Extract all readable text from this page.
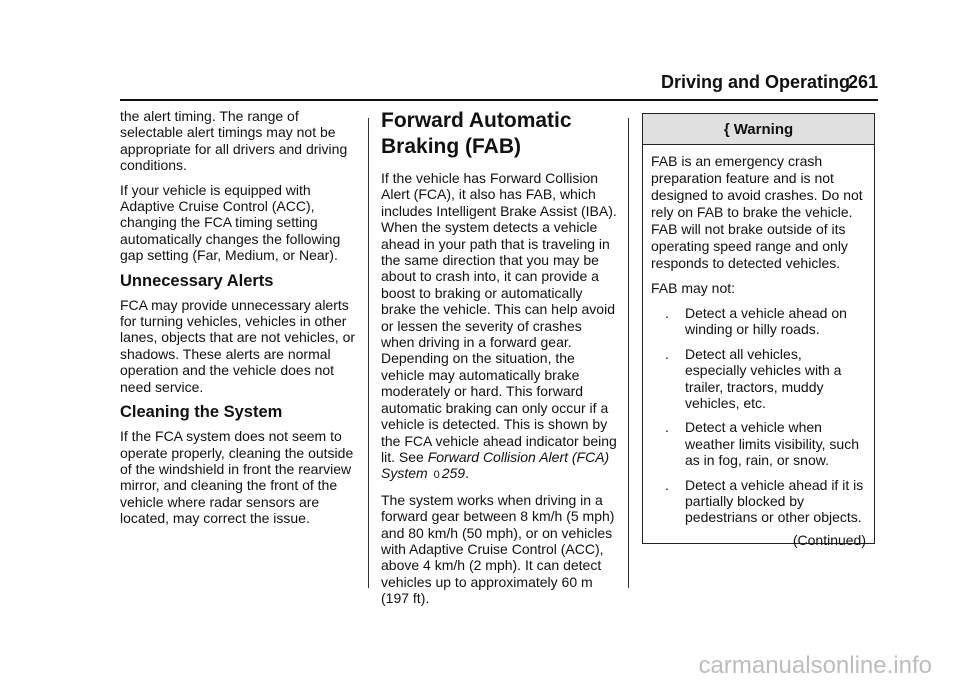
Driving and Operating
261

the alert timing. The range of selectable alert timings may not be appropriate for all drivers and driving conditions.

If your vehicle is equipped with Adaptive Cruise Control (ACC), changing the FCA timing setting automatically changes the following gap setting (Far, Medium, or Near).

Unnecessary Alerts

FCA may provide unnecessary alerts for turning vehicles, vehicles in other lanes, objects that are not vehicles, or shadows. These alerts are normal operation and the vehicle does not need service.

Cleaning the System

If the FCA system does not seem to operate properly, cleaning the outside of the windshield in front the rearview mirror, and cleaning the front of the vehicle where radar sensors are located, may correct the issue.

Forward Automatic Braking (FAB)

If the vehicle has Forward Collision Alert (FCA), it also has FAB, which includes Intelligent Brake Assist (IBA). When the system detects a vehicle ahead in your path that is traveling in the same direction that you may be about to crash into, it can provide a boost to braking or automatically brake the vehicle. This can help avoid or lessen the severity of crashes when driving in a forward gear. Depending on the situation, the vehicle may automatically brake moderately or hard. This forward automatic braking can only occur if a vehicle is detected. This is shown by the FCA vehicle ahead indicator being lit. See Forward Collision Alert (FCA) System 0 259.

The system works when driving in a forward gear between 8 km/h (5 mph) and 80 km/h (50 mph), or on vehicles with Adaptive Cruise Control (ACC), above 4 km/h (2 mph). It can detect vehicles up to approximately 60 m (197 ft).

{ Warning

FAB is an emergency crash preparation feature and is not designed to avoid crashes. Do not rely on FAB to brake the vehicle. FAB will not brake outside of its operating speed range and only responds to detected vehicles.

FAB may not:

. Detect a vehicle ahead on winding or hilly roads.
. Detect all vehicles, especially vehicles with a trailer, tractors, muddy vehicles, etc.
. Detect a vehicle when weather limits visibility, such as in fog, rain, or snow.
. Detect a vehicle ahead if it is partially blocked by pedestrians or other objects.
(Continued)
carmanualsonline.info
